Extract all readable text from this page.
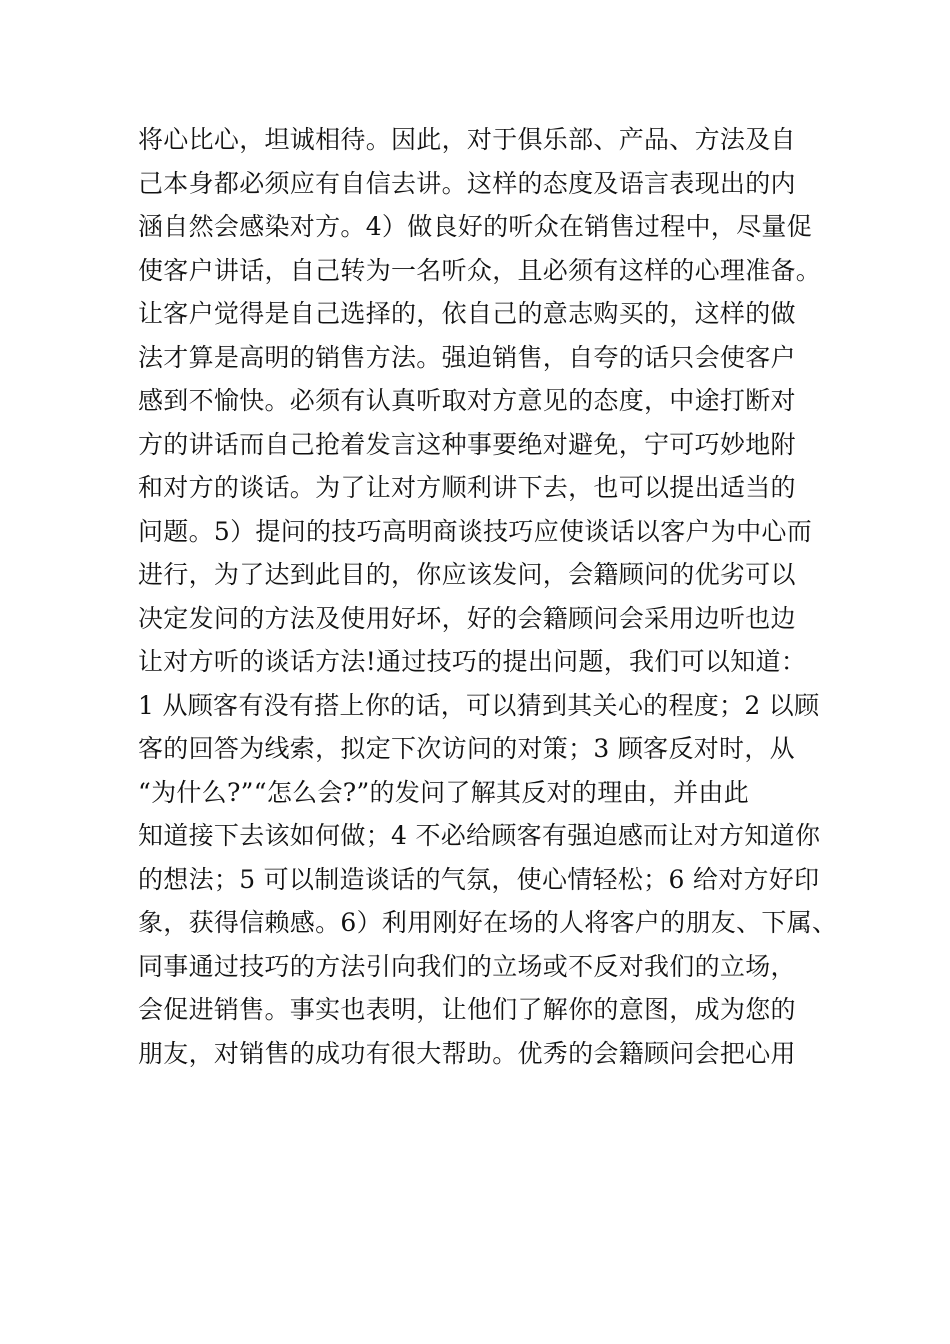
将心比心，坦诚相待。因此，对于俱乐部、产品、方法及自
己本身都必须应有自信去讲。这样的态度及语言表现出的内
涵自然会感染对方。4）做良好的听众在销售过程中，尽量促
使客户讲话，自己转为一名听众，且必须有这样的心理准备。
让客户觉得是自己选择的，依自己的意志购买的，这样的做
法才算是高明的销售方法。强迫销售，自夸的话只会使客户
感到不愉快。必须有认真听取对方意见的态度，中途打断对
方的讲话而自己抢着发言这种事要绝对避免，宁可巧妙地附
和对方的谈话。为了让对方顺利讲下去，也可以提出适当的
问题。5）提问的技巧高明商谈技巧应使谈话以客户为中心而
进行，为了达到此目的，你应该发问，会籍顾问的优劣可以
决定发问的方法及使用好坏，好的会籍顾问会采用边听也边
让对方听的谈话方法!通过技巧的提出问题，我们可以知道：
1 从顾客有没有搭上你的话，可以猜到其关心的程度；2 以顾
客的回答为线索，拟定下次访问的对策；3 顾客反对时，从
“为什么?”“怎么会?”的发问了解其反对的理由，并由此
知道接下去该如何做；4 不必给顾客有强迫感而让对方知道你
的想法；5 可以制造谈话的气氛，使心情轻松；6 给对方好印
象，获得信赖感。6）利用刚好在场的人将客户的朋友、下属、
同事通过技巧的方法引向我们的立场或不反对我们的立场，
会促进销售。事实也表明，让他们了解你的意图，成为您的
朋友，对销售的成功有很大帮助。优秀的会籍顾问会把心用
